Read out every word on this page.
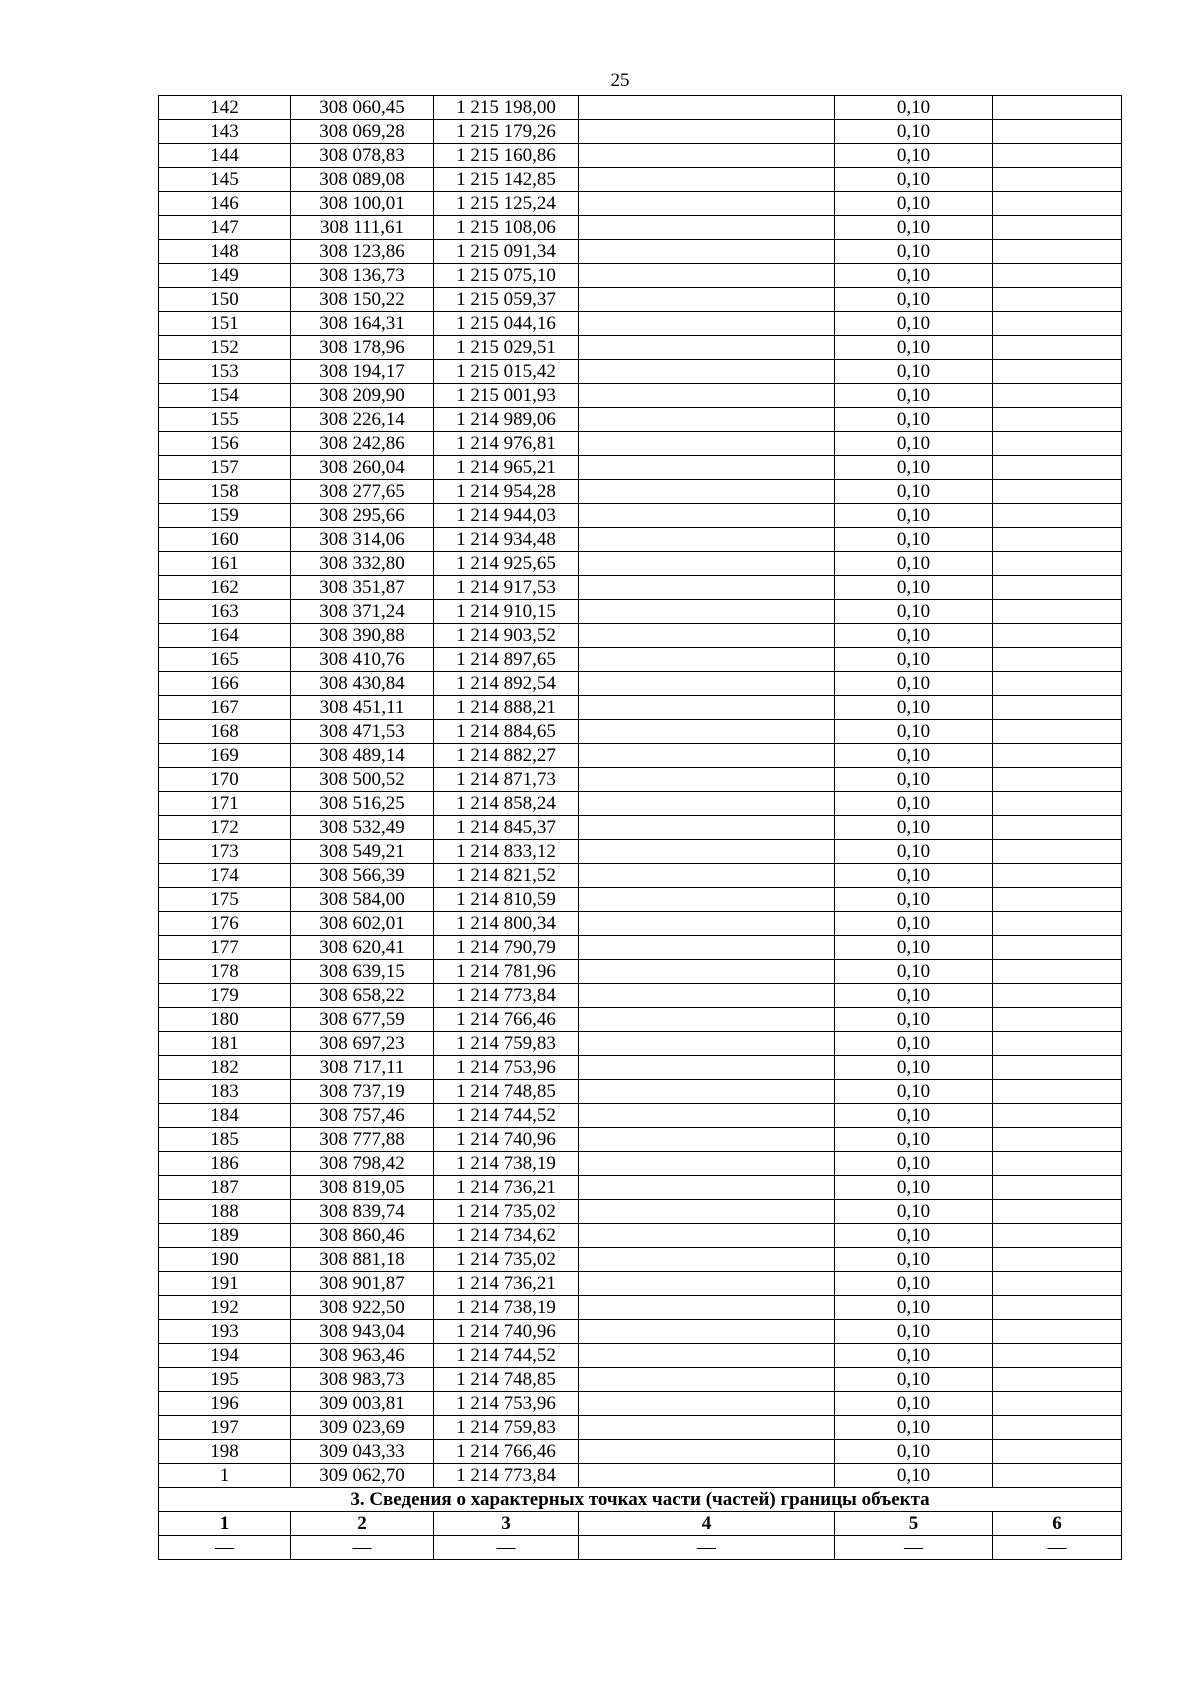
25
142	308 060,45	1 215 198,00		0,10	
143	308 069,28	1 215 179,26		0,10	
144	308 078,83	1 215 160,86		0,10	
145	308 089,08	1 215 142,85		0,10	
146	308 100,01	1 215 125,24		0,10	
147	308 111,61	1 215 108,06		0,10	
148	308 123,86	1 215 091,34		0,10	
149	308 136,73	1 215 075,10		0,10	
150	308 150,22	1 215 059,37		0,10	
151	308 164,31	1 215 044,16		0,10	
152	308 178,96	1 215 029,51		0,10	
153	308 194,17	1 215 015,42		0,10	
154	308 209,90	1 215 001,93		0,10	
155	308 226,14	1 214 989,06		0,10	
156	308 242,86	1 214 976,81		0,10	
157	308 260,04	1 214 965,21		0,10	
158	308 277,65	1 214 954,28		0,10	
159	308 295,66	1 214 944,03		0,10	
160	308 314,06	1 214 934,48		0,10	
161	308 332,80	1 214 925,65		0,10	
162	308 351,87	1 214 917,53		0,10	
163	308 371,24	1 214 910,15		0,10	
164	308 390,88	1 214 903,52		0,10	
165	308 410,76	1 214 897,65		0,10	
166	308 430,84	1 214 892,54		0,10	
167	308 451,11	1 214 888,21		0,10	
168	308 471,53	1 214 884,65		0,10	
169	308 489,14	1 214 882,27		0,10	
170	308 500,52	1 214 871,73		0,10	
171	308 516,25	1 214 858,24		0,10	
172	308 532,49	1 214 845,37		0,10	
173	308 549,21	1 214 833,12		0,10	
174	308 566,39	1 214 821,52		0,10	
175	308 584,00	1 214 810,59		0,10	
176	308 602,01	1 214 800,34		0,10	
177	308 620,41	1 214 790,79		0,10	
178	308 639,15	1 214 781,96		0,10	
179	308 658,22	1 214 773,84		0,10	
180	308 677,59	1 214 766,46		0,10	
181	308 697,23	1 214 759,83		0,10	
182	308 717,11	1 214 753,96		0,10	
183	308 737,19	1 214 748,85		0,10	
184	308 757,46	1 214 744,52		0,10	
185	308 777,88	1 214 740,96		0,10	
186	308 798,42	1 214 738,19		0,10	
187	308 819,05	1 214 736,21		0,10	
188	308 839,74	1 214 735,02		0,10	
189	308 860,46	1 214 734,62		0,10	
190	308 881,18	1 214 735,02		0,10	
191	308 901,87	1 214 736,21		0,10	
192	308 922,50	1 214 738,19		0,10	
193	308 943,04	1 214 740,96		0,10	
194	308 963,46	1 214 744,52		0,10	
195	308 983,73	1 214 748,85		0,10	
196	309 003,81	1 214 753,96		0,10	
197	309 023,69	1 214 759,83		0,10	
198	309 043,33	1 214 766,46		0,10	
1	309 062,70	1 214 773,84		0,10	
3. Сведения о характерных точках части (частей) границы объекта					
1	2	3	4	5	6
—	—	—	—	—	—
